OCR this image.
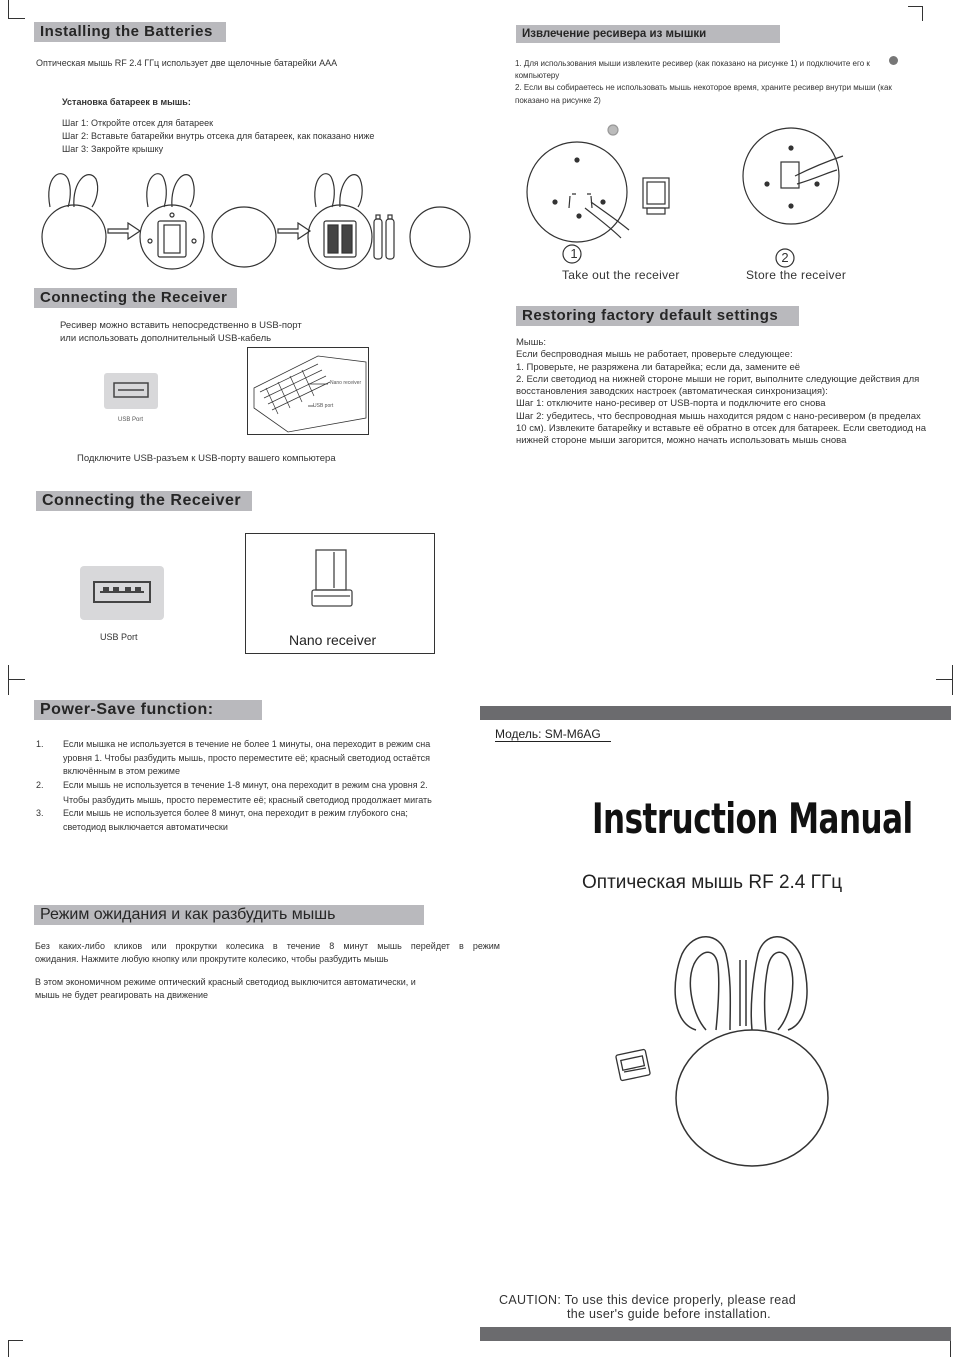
Installing the Batteries
Оптическая мышь RF 2.4 ГГц использует две щелочные батарейки ААА
Установка батареек в мышь:
Шаг 1: Откройте отсек для батареек
Шаг 2: Вставьте батарейки внутрь отсека для батареек, как показано ниже
Шаг 3: Закройте крышку
Connecting the Receiver
Ресивер можно вставить непосредственно в USB-порт
или использовать дополнительный USB-кабель
USB Port
Nano receiver
USB port
Подключите USB-разъем к USB-порту вашего компьютера
Connecting the Receiver
USB Port	Nano receiver
Power-Save function:
1. Если мышка не используется в течение не более 1 минуты, она переходит в режим сна
уровня 1. Чтобы разбудить мышь, просто переместите её; красный светодиод остаётся
включённым в этом режиме
2. Если мышь не используется в течение 1-8 минут, она переходит в режим сна уровня 2.
Чтобы разбудить мышь, просто переместите её; красный светодиод продолжает мигать
3. Если мышь не используется более 8 минут, она переходит в режим глубокого сна;
светодиод выключается автоматически
Режим ожидания и как разбудить мышь
Без каких-либо кликов или прокрутки колесика в течение 8 минут мышь перейдет в режим
ожидания. Нажмите любую кнопку или прокрутите колесико, чтобы разбудить мышь
В этом экономичном режиме оптический красный светодиод выключится автоматически, и
мышь не будет реагировать на движение
Извлечение ресивера из мышки
1. Для использования мыши извлеките ресивер (как показано на рисунке 1) и подключите его к
компьютеру
2. Если вы собираетесь не использовать мышь некоторое время, храните ресивер внутри мыши (как
показано на рисунке 2)
1	2
Take out the receiver	Store the receiver
Restoring factory default settings
Мышь:
Если беспроводная мышь не работает, проверьте следующее:
1. Проверьте, не разряжена ли батарейка; если да, замените её
2. Если светодиод на нижней стороне мыши не горит, выполните следующие действия для
восстановления заводских настроек (автоматическая синхронизация):
Шаг 1: отключите нано-ресивер от USB-порта и подключите его снова
Шаг 2: убедитесь, что беспроводная мышь находится рядом с нано-ресивером (в пределах
10 см). Извлеките батарейку и вставьте её обратно в отсек для батареек. Если светодиод на
нижней стороне мыши загорится, можно начать использовать мышь снова
Модель: SM-M6AG
Instruction Manual
Оптическая мышь RF 2.4 ГГц
CAUTION: To use this device properly, please read
the user's guide before installation.
